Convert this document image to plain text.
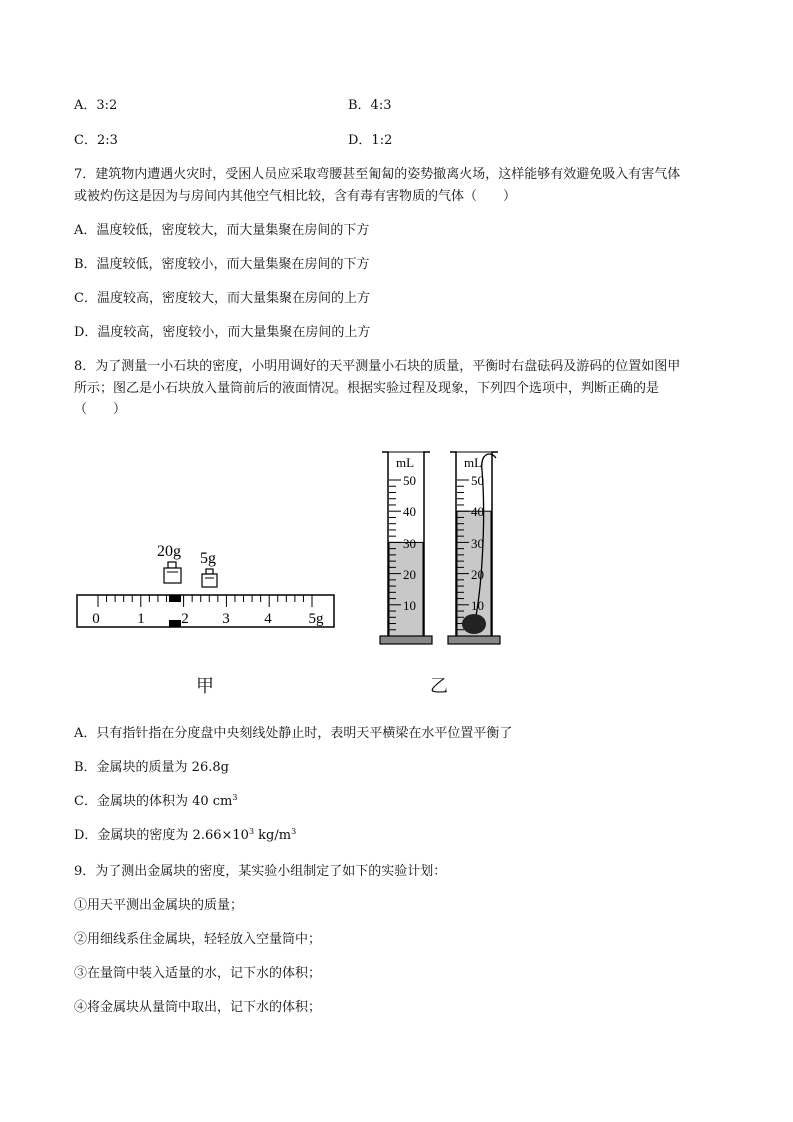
A．3:2	B．4:3
C．2:3	D．1:2
7．建筑物内遭遇火灾时，受困人员应采取弯腰甚至匍匐的姿势撤离火场，这样能够有效避免吸入有害气体
或被灼伤这是因为与房间内其他空气相比较，含有毒有害物质的气体（　　）
A．温度较低，密度较大，而大量集聚在房间的下方
B．温度较低，密度较小，而大量集聚在房间的下方
C．温度较高，密度较大，而大量集聚在房间的上方
D．温度较高，密度较小，而大量集聚在房间的上方
8．为了测量一小石块的密度，小明用调好的天平测量小石块的质量，平衡时右盘砝码及游码的位置如图甲
所示；图乙是小石块放入量筒前后的液面情况。根据实验过程及现象，下列四个选项中，判断正确的是
（　　）
20g 5g
0	1 2 3 4 5g
mL
50
40
30
20
10
mL
50
40
30
20
10
甲	乙
A．只有指针指在分度盘中央刻线处静止时，表明天平横梁在水平位置平衡了
B．金属块的质量为 26.8g
C．金属块的体积为 40 $cm^3$
D．金属块的密度为 $2.66\times 10^3$ $kg/m^3$
9．为了测出金属块的密度，某实验小组制定了如下的实验计划：
①用天平测出金属块的质量；
②用细线系住金属块，轻轻放入空量筒中；
③在量筒中装入适量的水，记下水的体积；
④将金属块从量筒中取出，记下水的体积；
